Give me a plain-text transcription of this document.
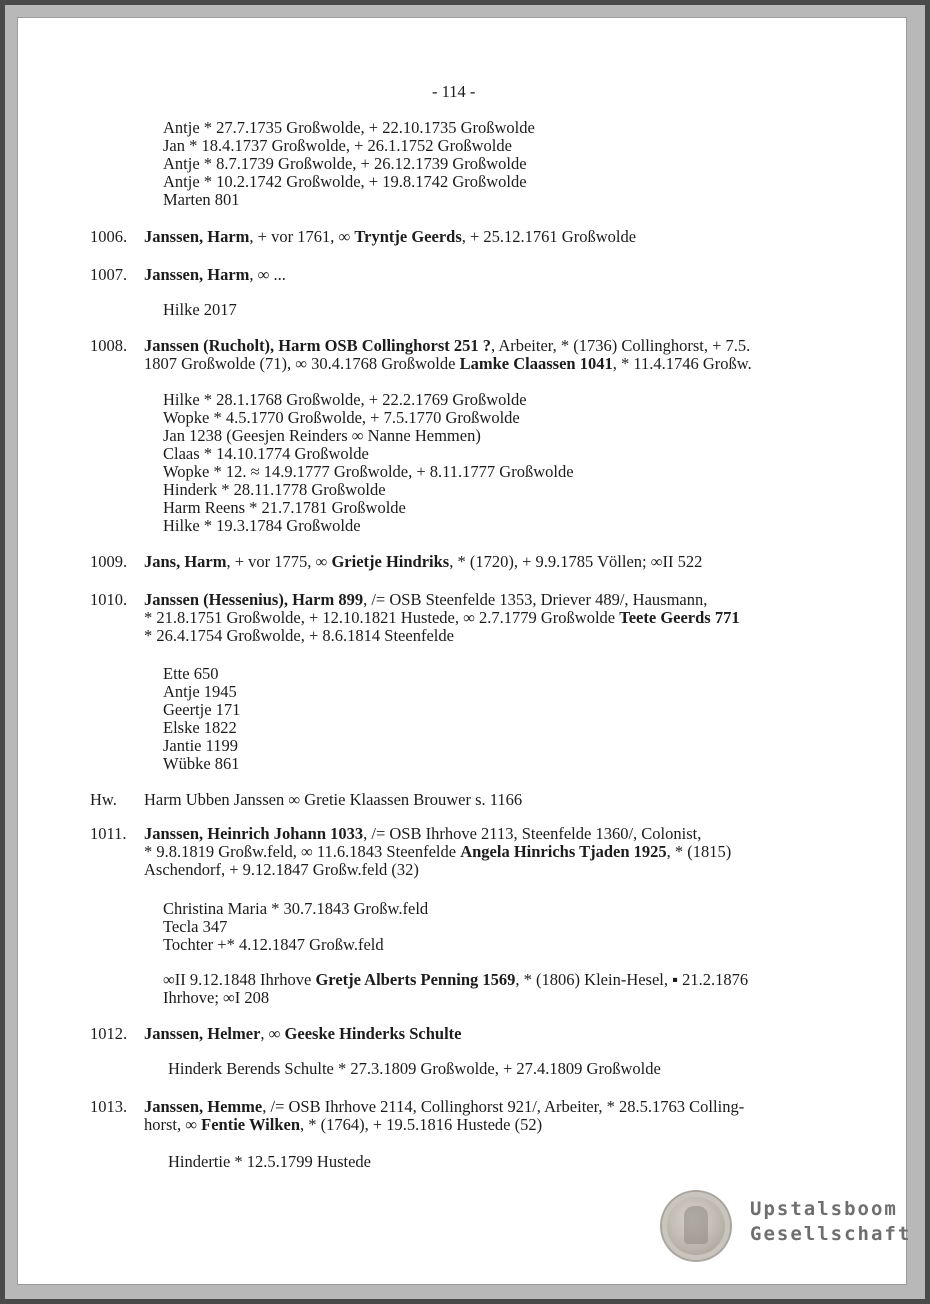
- 114 -
Antje * 27.7.1735 Großwolde, + 22.10.1735 Großwolde
Jan * 18.4.1737 Großwolde, + 26.1.1752 Großwolde
Antje * 8.7.1739 Großwolde, + 26.12.1739 Großwolde
Antje * 10.2.1742 Großwolde, + 19.8.1742 Großwolde
Marten 801
1006. Janssen, Harm, + vor 1761, ∞ Tryntje Geerds, + 25.12.1761 Großwolde
1007. Janssen, Harm, ∞ ...
Hilke 2017
1008. Janssen (Rucholt), Harm OSB Collinghorst 251 ?, Arbeiter, * (1736) Collinghorst, + 7.5.
1807 Großwolde (71), ∞ 30.4.1768 Großwolde Lamke Claassen 1041, * 11.4.1746 Großw.
Hilke * 28.1.1768 Großwolde, + 22.2.1769 Großwolde
Wopke * 4.5.1770 Großwolde, + 7.5.1770 Großwolde
Jan 1238 (Geesjen Reinders ∞ Nanne Hemmen)
Claas * 14.10.1774 Großwolde
Wopke * 12. ≈ 14.9.1777 Großwolde, + 8.11.1777 Großwolde
Hinderk * 28.11.1778 Großwolde
Harm Reens * 21.7.1781 Großwolde
Hilke * 19.3.1784 Großwolde
1009. Jans, Harm, + vor 1775, ∞ Grietje Hindriks, * (1720), + 9.9.1785 Völlen; ∞II 522
1010. Janssen (Hessenius), Harm 899, /= OSB Steenfelde 1353, Driever 489/, Hausmann,
* 21.8.1751 Großwolde, + 12.10.1821 Hustede, ∞ 2.7.1779 Großwolde Teete Geerds 771
* 26.4.1754 Großwolde, + 8.6.1814 Steenfelde
Ette 650
Antje 1945
Geertje 171
Elske 1822
Jantie 1199
Wübke 861
Hw. Harm Ubben Janssen ∞ Gretie Klaassen Brouwer s. 1166
1011. Janssen, Heinrich Johann 1033, /= OSB Ihrhove 2113, Steenfelde 1360/, Colonist,
* 9.8.1819 Großw.feld, ∞ 11.6.1843 Steenfelde Angela Hinrichs Tjaden 1925, * (1815)
Aschendorf, + 9.12.1847 Großw.feld (32)
Christina Maria * 30.7.1843 Großw.feld
Tecla 347
Tochter +* 4.12.1847 Großw.feld
∞II 9.12.1848 Ihrhove Gretje Alberts Penning 1569, * (1806) Klein-Hesel, ▪ 21.2.1876
Ihrhove; ∞I 208
1012. Janssen, Helmer, ∞ Geeske Hinderks Schulte
Hinderk Berends Schulte * 27.3.1809 Großwolde, + 27.4.1809 Großwolde
1013. Janssen, Hemme, /= OSB Ihrhove 2114, Collinghorst 921/, Arbeiter, * 28.5.1763 Colling-
horst, ∞ Fentie Wilken, * (1764), + 19.5.1816 Hustede (52)
Hindertie * 12.5.1799 Hustede
Upstalsboom
Gesellschaft
